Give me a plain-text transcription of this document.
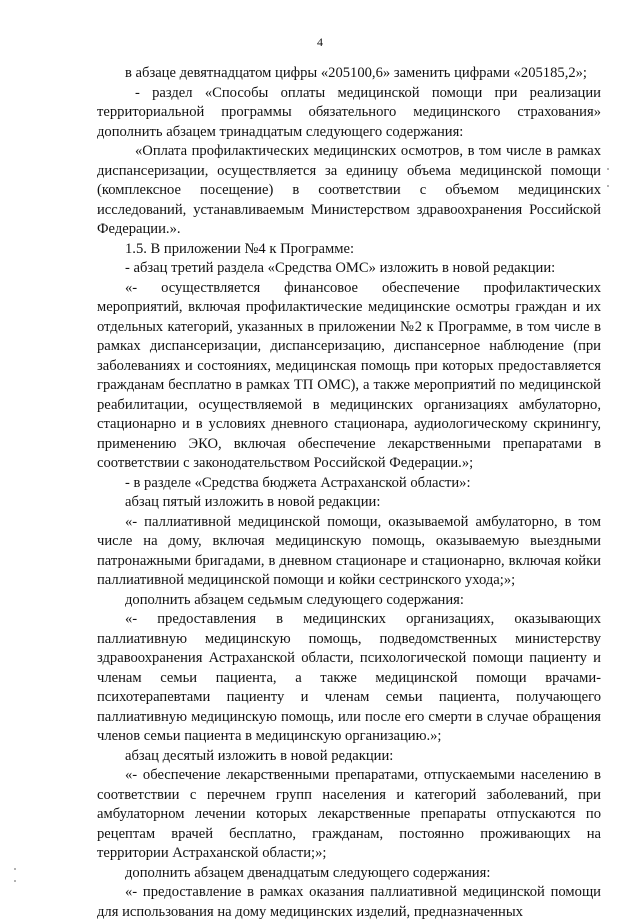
4

в абзаце девятнадцатом цифры «205100,6» заменить цифрами «205185,2»;

- раздел «Способы оплаты медицинской помощи при реализации территориальной программы обязательного медицинского страхования» дополнить абзацем тринадцатым следующего содержания:

«Оплата профилактических медицинских осмотров, в том числе в рамках диспансеризации, осуществляется за единицу объема медицинской помощи (комплексное посещение) в соответствии с объемом медицинских исследований, устанавливаемым Министерством здравоохранения Российской Федерации.».

1.5. В приложении №4 к Программе:

- абзац третий раздела «Средства ОМС» изложить в новой редакции:

«- осуществляется финансовое обеспечение профилактических мероприятий, включая профилактические медицинские осмотры граждан и их отдельных категорий, указанных в приложении №2 к Программе, в том числе в рамках диспансеризации, диспансеризацию, диспансерное наблюдение (при заболеваниях и состояниях, медицинская помощь при которых предоставляется гражданам бесплатно в рамках ТП ОМС), а также мероприятий по медицинской реабилитации, осуществляемой в медицинских организациях амбулаторно, стационарно и в условиях дневного стационара, аудиологическому скринингу, применению ЭКО, включая обеспечение лекарственными препаратами в соответствии с законодательством Российской Федерации.»;

- в разделе «Средства бюджета Астраханской области»:

абзац пятый изложить в новой редакции:

«- паллиативной медицинской помощи, оказываемой амбулаторно, в том числе на дому, включая медицинскую помощь, оказываемую выездными патронажными бригадами, в дневном стационаре и стационарно, включая койки паллиативной медицинской помощи и койки сестринского ухода;»;

дополнить абзацем седьмым следующего содержания:

«- предоставления в медицинских организациях, оказывающих паллиативную медицинскую помощь, подведомственных министерству здравоохранения Астраханской области, психологической помощи пациенту и членам семьи пациента, а также медицинской помощи врачами-психотерапевтами пациенту и членам семьи пациента, получающего паллиативную медицинскую помощь, или после его смерти в случае обращения членов семьи пациента в медицинскую организацию.»;

абзац десятый изложить в новой редакции:

«- обеспечение лекарственными препаратами, отпускаемыми населению в соответствии с перечнем групп населения и категорий заболеваний, при амбулаторном лечении которых лекарственные препараты отпускаются по рецептам врачей бесплатно, гражданам, постоянно проживающих на территории Астраханской области;»;

дополнить абзацем двенадцатым следующего содержания:

«- предоставление в рамках оказания паллиативной медицинской помощи для использования на дому медицинских изделий, предназначенных
